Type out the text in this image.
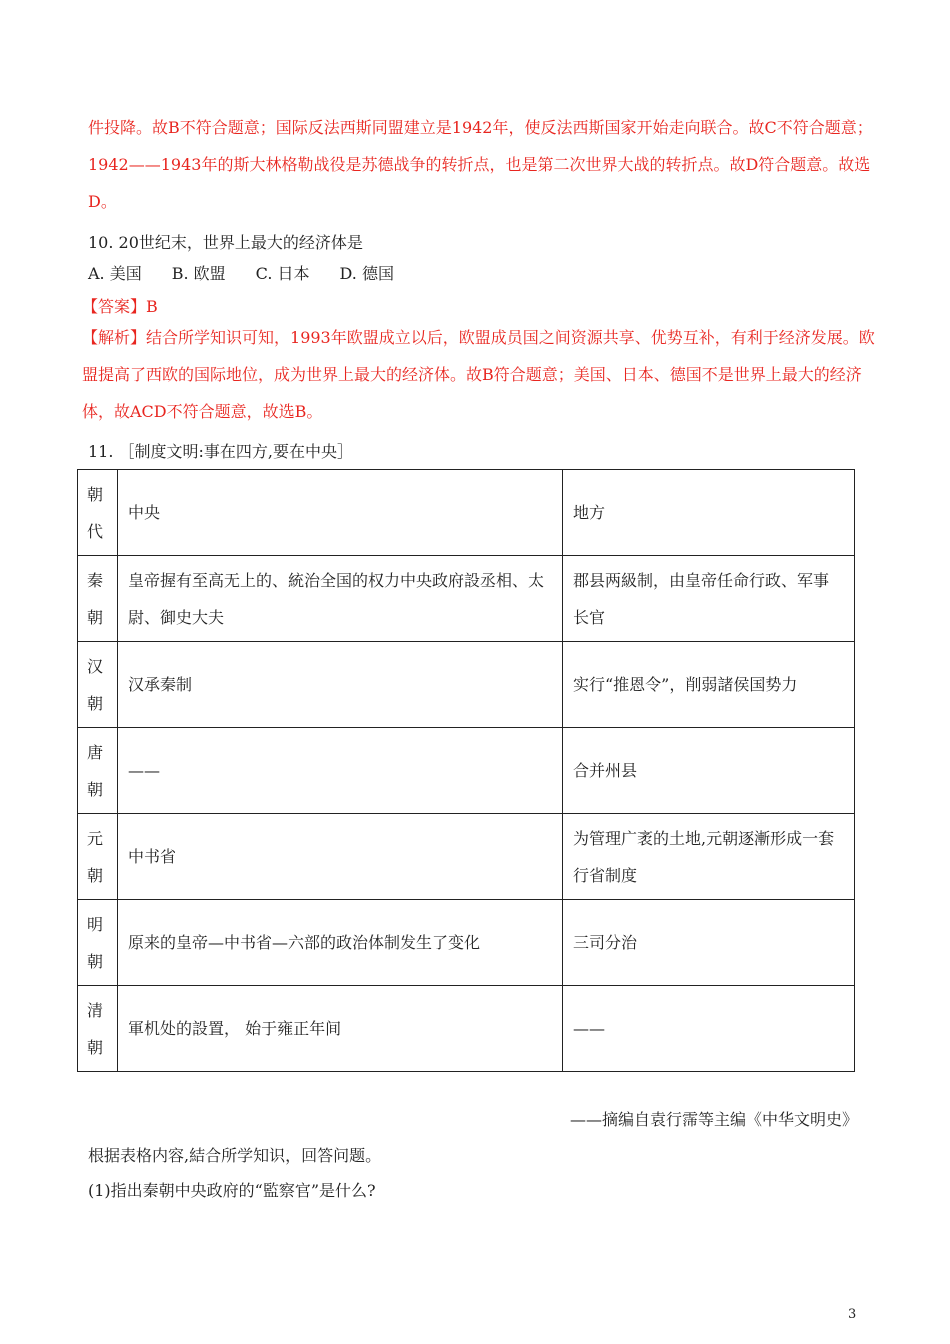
件投降。故B不符合题意；国际反法西斯同盟建立是1942年，使反法西斯国家开始走向联合。故C不符合题意；1942——1943年的斯大林格勒战役是苏德战争的转折点，也是第二次世界大战的转折点。故D符合题意。故选D。

10. 20世纪末，世界上最大的经济体是

A. 美国 B. 欧盟 C. 日本 D. 德国

【答案】B

【解析】结合所学知识可知，1993年欧盟成立以后，欧盟成员国之间资源共享、优势互补，有利于经济发展。欧盟提高了西欧的国际地位，成为世界上最大的经济体。故B符合题意；美国、日本、德国不是世界上最大的经济体，故ACD不符合题意，故选B。

11. ［制度文明:事在四方,要在中央］

朝代	中央	地方
秦朝	皇帝握有至高无上的、統治全国的权力中央政府設丞相、太尉、御史大夫	郡县两級制，由皇帝任命行政、军事长官
汉朝	汉承秦制	实行“推恩令”，削弱諸侯国势力
唐朝	——	合并州县
元朝	中书省	为管理广袤的土地,元朝逐漸形成一套行省制度
明朝	原来的皇帝—中书省—六部的政治体制发生了变化	三司分治
清朝	軍机处的設置， 始于雍正年间	——

——摘编自袁行霈等主编《中华文明史》

根据表格内容,結合所学知识，回答问题。

(1)指出秦朝中央政府的“監察官”是什么?

3
